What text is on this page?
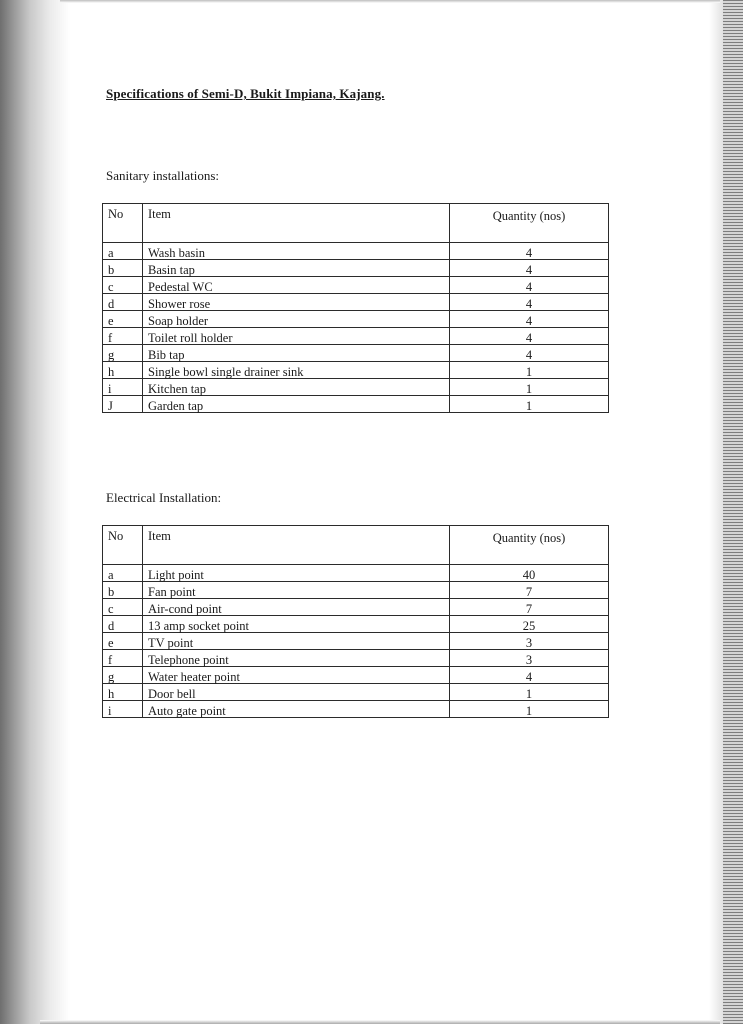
Specifications of Semi-D, Bukit Impiana, Kajang.
Sanitary installations:
No	Item	Quantity (nos)
a	Wash basin	4
b	Basin tap	4
c	Pedestal WC	4
d	Shower rose	4
e	Soap holder	4
f	Toilet roll holder	4
g	Bib tap	4
h	Single bowl single drainer sink	1
i	Kitchen tap	1
J	Garden tap	1
Electrical Installation:
No	Item	Quantity (nos)
a	Light point	40
b	Fan point	7
c	Air-cond point	7
d	13 amp socket point	25
e	TV point	3
f	Telephone point	3
g	Water heater point	4
h	Door bell	1
i	Auto gate point	1
